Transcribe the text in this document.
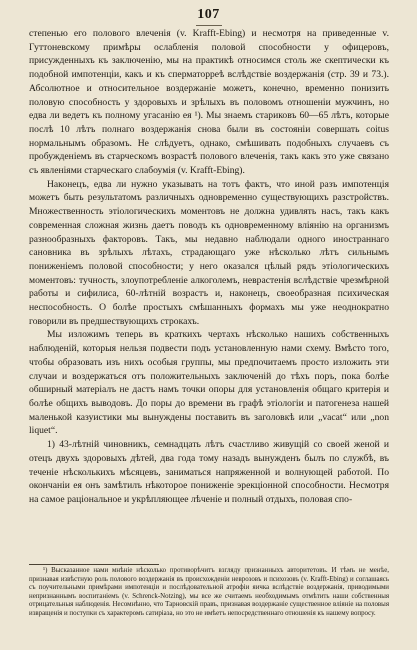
107

степенью его полового влеченія (v. Krafft-Ebing) и несмотря на приведенные v. Гуттоневскому примѣры ослабленія половой способности у офицеровъ, присужденныхъ къ заключенію, мы на практикѣ относимся столь же скептически къ подобной импотенціи, какъ и къ сперматорреѣ вслѣдствіе воздержанія (стр. 39 и 73.). Абсолютное и относительное воздержаніе можетъ, конечно, временно понизить половую способность у здоровыхъ и зрѣлыхъ въ половомъ отношеніи мужчинъ, но едва ли ведетъ къ полному угасанію ея ¹). Мы знаемъ стариковъ 60—65 лѣтъ, которые послѣ 10 лѣтъ полнаго воздержанія снова были въ состояніи совершать coitus нормальнымъ образомъ. Не слѣдуетъ, однако, смѣшивать подобныхъ случаевъ съ пробужденіемъ въ старческомъ возрастѣ полового влеченія, такъ какъ это уже связано съ явленіями старческаго слабоумія (v. Krafft-Ebing).

Наконецъ, едва ли нужно указывать на тотъ фактъ, что иной разъ импотенція можетъ быть результатомъ различныхъ одновременно существующихъ разстройствъ. Множественность этіологическихъ моментовъ не должна удивлять насъ, такъ какъ современная сложная жизнь даетъ поводъ къ одновременному вліянію на организмъ разнообразныхъ факторовъ. Такъ, мы недавно наблюдали одного иностраннаго сановника въ зрѣлыхъ лѣтахъ, страдающаго уже нѣсколько лѣтъ сильнымъ пониженіемъ половой способности; у него оказался цѣлый рядъ этіологическихъ моментовъ: тучность, злоупотребленіе алкоголемъ, неврастенія вслѣдствіе чрезмѣрной работы и сифилиса, 60-лѣтній возрастъ и, наконецъ, своеобразная психическая неспособность. О болѣе простыхъ смѣшанныхъ формахъ мы уже неоднократно говорили въ предшествующихъ строкахъ.

Мы изложимъ теперь въ краткихъ чертахъ нѣсколько нашихъ собственныхъ наблюденій, которыя нельзя подвести подъ установленную нами схему. Вмѣсто того, чтобы образовать изъ нихъ особыя группы, мы предпочитаемъ просто изложить эти случаи и воздержаться отъ положительныхъ заключеній до тѣхъ поръ, пока болѣе обширный матеріалъ не дастъ намъ точки опоры для установленія общаго критерія и болѣе общихъ выводовъ. До поры до времени въ графѣ этіологіи и патогенеза нашей маленькой казуистики мы вынуждены поставить въ заголовкѣ или „vacat“ или „non liquet“.

1) 43-лѣтній чиновникъ, семнадцать лѣтъ счастливо живущій со своей женой и отецъ двухъ здоровыхъ дѣтей, два года тому назадъ вынужденъ былъ по службѣ, въ теченіе нѣсколькихъ мѣсяцевъ, заниматься напряженной и волнующей работой. По окончаніи ея онъ замѣтилъ нѣкоторое пониженіе эрекціонной способности. Несмотря на самое раціональное и укрѣпляющее лѣченіе и полный отдыхъ, половая спо-

¹) Высказанное нами мнѣніе нѣсколько противорѣчитъ взгляду признанныхъ авторитетовъ. И тѣмъ не менѣе, признавая извѣстную роль полового воздержанія въ происхожденіи неврозовъ и психозовъ (v. Krafft-Ebing) и соглашаясь съ поучительными примѣрами импотенціи и послѣдовательной атрофіи яичка вслѣдствіе воздержанія, приводимыми непризнаннымъ воспитаніемъ (v. Schrenck-Notzing), мы все же считаемъ необходимымъ отмѣтить наши собственныя отрицательныя наблюденія. Несомнѣнно, что Тарновскій правъ, признавая воздержаніе существенное вліяніе на половыя извращенія и поступки съ характеромъ сатиріаза, но это не имѣетъ непосредственнаго отношенія къ нашему вопросу.
